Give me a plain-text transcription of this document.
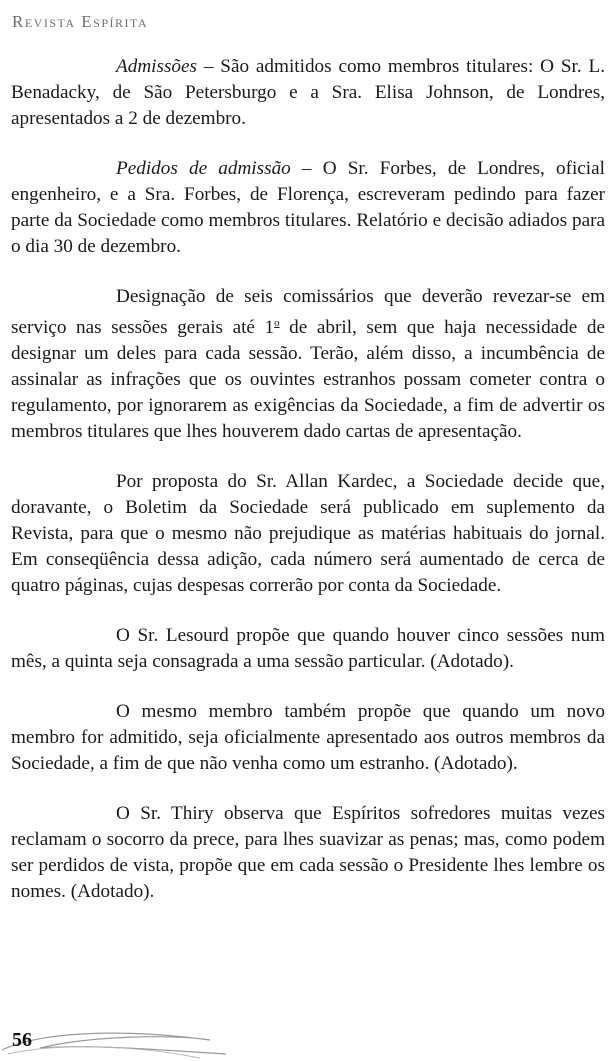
Revista Espírita

Admissões – São admitidos como membros titulares: O Sr. L. Benadacky, de São Petersburgo e a Sra. Elisa Johnson, de Londres, apresentados a 2 de dezembro.

Pedidos de admissão – O Sr. Forbes, de Londres, oficial engenheiro, e a Sra. Forbes, de Florença, escreveram pedindo para fazer parte da Sociedade como membros titulares. Relatório e decisão adiados para o dia 30 de dezembro.

Designação de seis comissários que deverão revezar-se em serviço nas sessões gerais até 1$^o$ de abril, sem que haja necessidade de designar um deles para cada sessão. Terão, além disso, a incumbência de assinalar as infrações que os ouvintes estranhos possam cometer contra o regulamento, por ignorarem as exigências da Sociedade, a fim de advertir os membros titulares que lhes houverem dado cartas de apresentação.

Por proposta do Sr. Allan Kardec, a Sociedade decide que, doravante, o Boletim da Sociedade será publicado em suplemento da Revista, para que o mesmo não prejudique as matérias habituais do jornal. Em conseqüência dessa adição, cada número será aumentado de cerca de quatro páginas, cujas despesas correrão por conta da Sociedade.

O Sr. Lesourd propõe que quando houver cinco sessões num mês, a quinta seja consagrada a uma sessão particular. (Adotado).

O mesmo membro também propõe que quando um novo membro for admitido, seja oficialmente apresentado aos outros membros da Sociedade, a fim de que não venha como um estranho. (Adotado).

O Sr. Thiry observa que Espíritos sofredores muitas vezes reclamam o socorro da prece, para lhes suavizar as penas; mas, como podem ser perdidos de vista, propõe que em cada sessão o Presidente lhes lembre os nomes. (Adotado).

56
